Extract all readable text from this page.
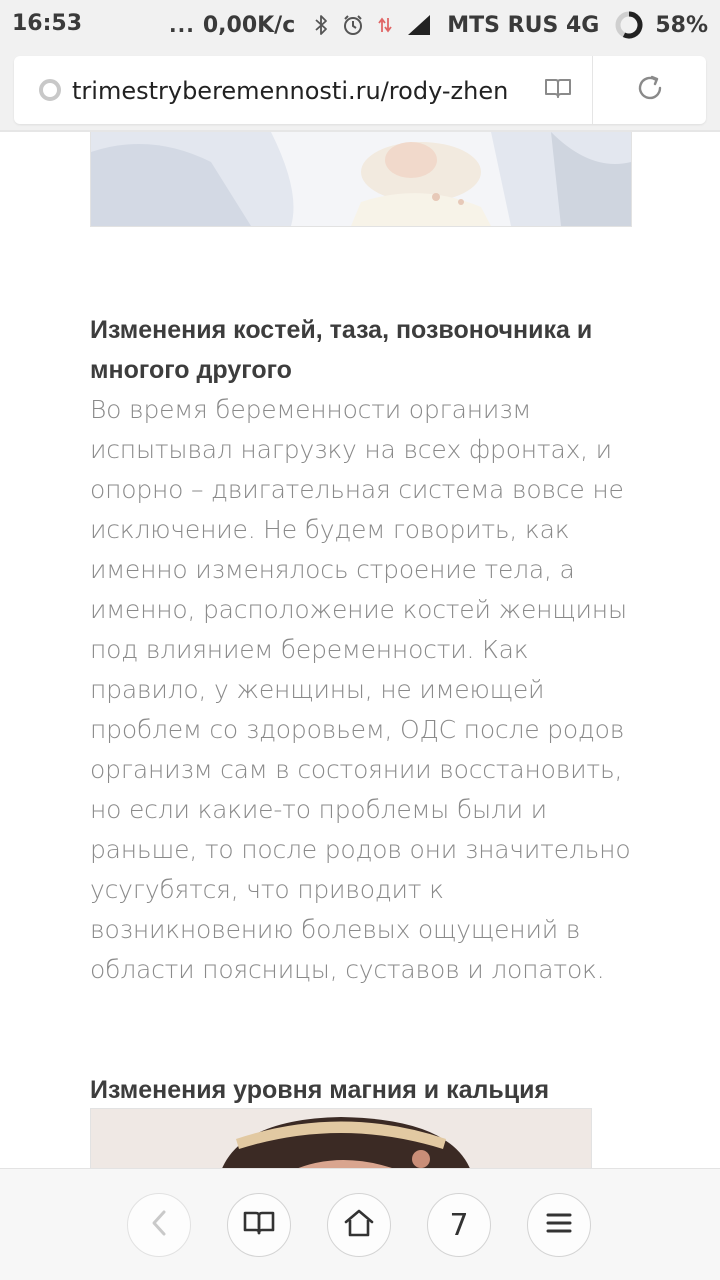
16:53	... 0,00K/c	MTS RUS 4G	58%
trimestryberemennosti.ru/rody-zhen
Изменения костей, таза, позвоночника и многого другого

Во время беременности организм испытывал нагрузку на всех фронтах, и опорно – двигательная система вовсе не исключение. Не будем говорить, как именно изменялось строение тела, а именно, расположение костей женщины под влиянием беременности. Как правило, у женщины, не имеющей проблем со здоровьем, ОДС после родов организм сам в состоянии восстановить, но если какие-то проблемы были и раньше, то после родов они значительно усугубятся, что приводит к возникновению болевых ощущений в области поясницы, суставов и лопаток.

Изменения уровня магния и кальция
7
